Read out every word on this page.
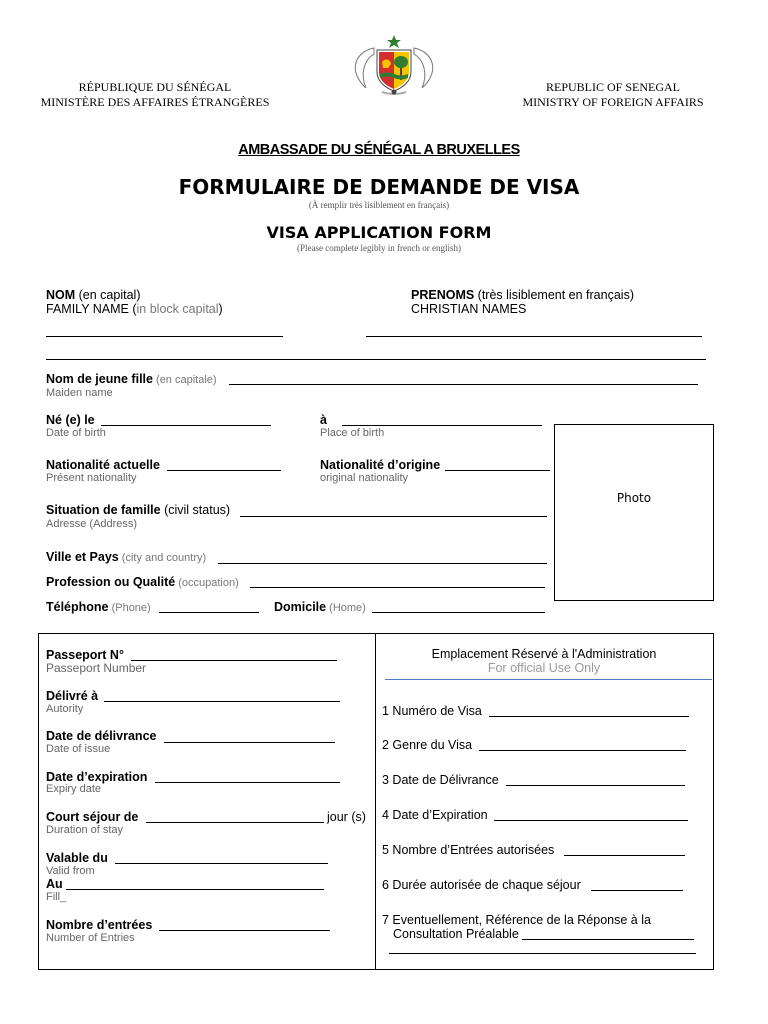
RÉPUBLIQUE DU SÉNÉGAL
MINISTÈRE DES AFFAIRES ÉTRANGÈRES
REPUBLIC OF SENEGAL
MINISTRY OF FOREIGN AFFAIRS
AMBASSADE DU SÉNÉGAL A BRUXELLES
FORMULAIRE DE DEMANDE DE VISA
(À remplir très lisiblement en français)
VISA APPLICATION FORM
(Please complete legibly in french or english)
NOM (en capital)
FAMILY NAME (in block capital)
PRENOMS (très lisiblement en français)
CHRISTIAN NAMES
Nom de jeune fille (en capitale)
Maiden name
Né (e) le
Date of birth
à
Place of birth
Nationalité actuelle
Présent nationality
Nationalité d’origine
original nationality
Situation de famille (civil status)
Adresse (Address)
Ville et Pays (city and country)
Profession ou Qualité (occupation)
Téléphone (Phone)	Domicile (Home)
Photo
Passeport N°
Passeport Number
Délivré à
Autority
Date de délivrance
Date of issue
Date d’expiration
Expiry date
Court séjour de	jour (s)
Duration of stay
Valable du
Valid from
Au
Fill_
Nombre d’entrées
Number of Entries
Emplacement Réservé à l'Administration
For official Use Only
1 Numéro de Visa
2 Genre du Visa
3 Date de Délivrance
4 Date d’Expiration
5 Nombre d’Entrées autorisées
6 Durée autorisée de chaque séjour
7 Eventuellement, Référence de la Réponse à la
Consultation Préalable
